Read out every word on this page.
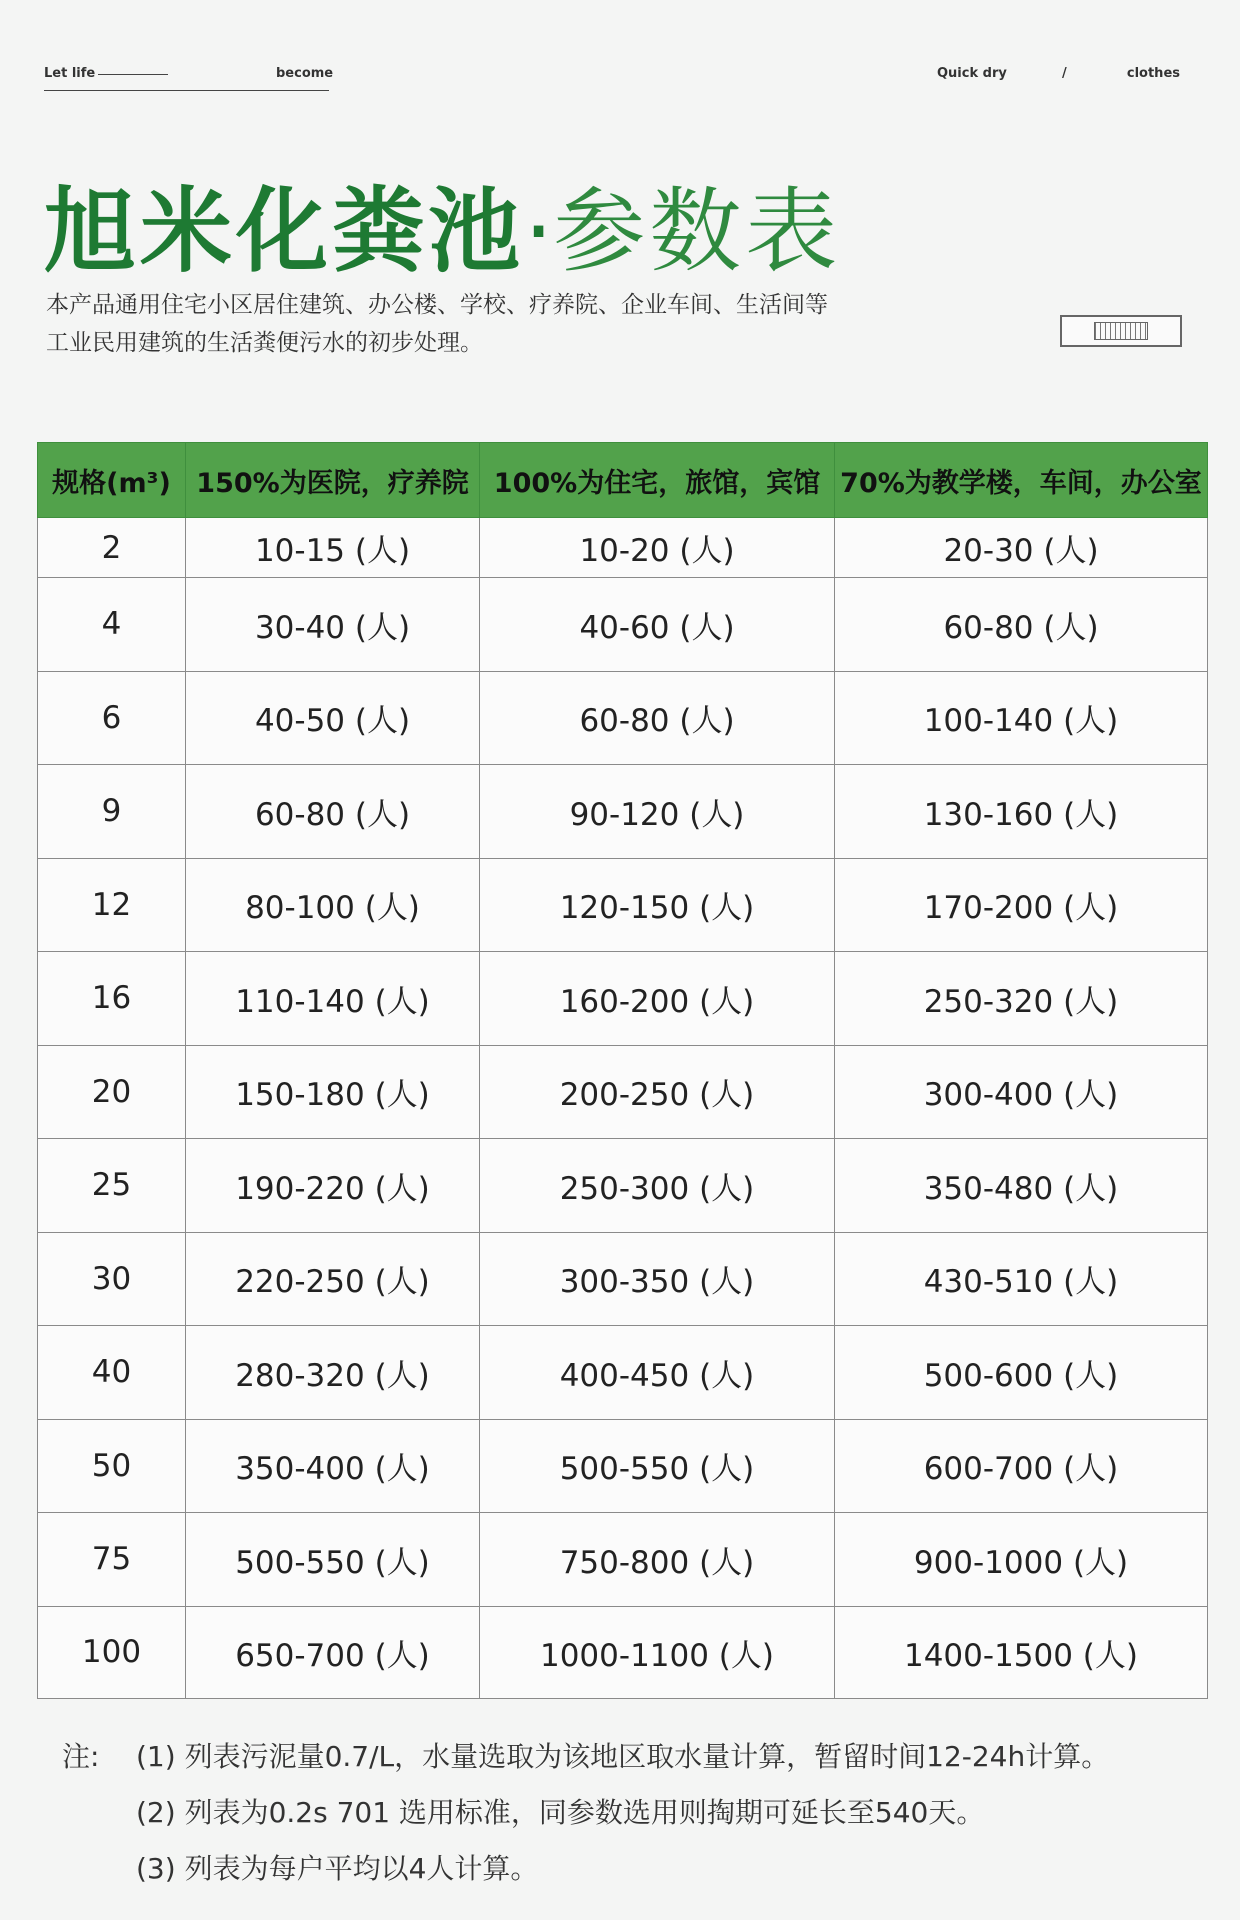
Let life	become	Quick dry	/	clothes
旭米化粪池·参数表

本产品通用住宅小区居住建筑、办公楼、学校、疗养院、企业车间、生活间等

工业民用建筑的生活粪便污水的初步处理。

规格(m³)	150%为医院，疗养院	100%为住宅，旅馆，宾馆	70%为教学楼，车间，办公室
2	10-15 (人)	10-20 (人)	20-30 (人)
4	30-40 (人)	40-60 (人)	60-80 (人)
6	40-50 (人)	60-80 (人)	100-140 (人)
9	60-80 (人)	90-120 (人)	130-160 (人)
12	80-100 (人)	120-150 (人)	170-200 (人)
16	110-140 (人)	160-200 (人)	250-320 (人)
20	150-180 (人)	200-250 (人)	300-400 (人)
25	190-220 (人)	250-300 (人)	350-480 (人)
30	220-250 (人)	300-350 (人)	430-510 (人)
40	280-320 (人)	400-450 (人)	500-600 (人)
50	350-400 (人)	500-550 (人)	600-700 (人)
75	500-550 (人)	750-800 (人)	900-1000 (人)
100	650-700 (人)	1000-1100 (人)	1400-1500 (人)
注: (1) 列表污泥量0.7/L，水量选取为该地区取水量计算，暂留时间12-24h计算。
(2) 列表为0.2s 701 选用标准，同参数选用则掏期可延长至540天。
(3) 列表为每户平均以4人计算。
